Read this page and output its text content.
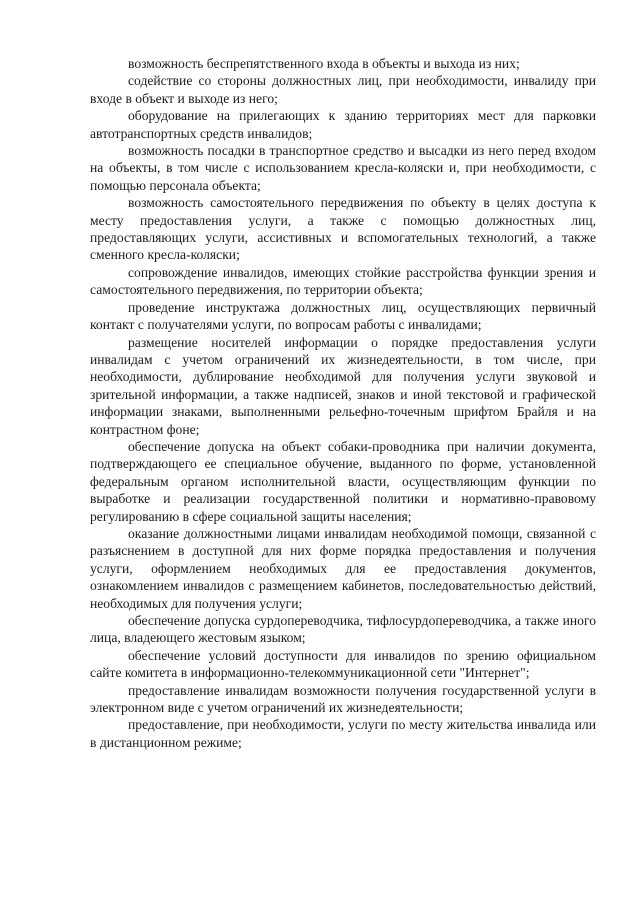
возможность беспрепятственного входа в объекты и выхода из них;

содействие со стороны должностных лиц, при необходимости, инвалиду при входе в объект и выходе из него;

оборудование на прилегающих к зданию территориях мест для парковки автотранспортных средств инвалидов;

возможность посадки в транспортное средство и высадки из него перед входом на объекты, в том числе с использованием кресла-коляски и, при необходимости, с помощью персонала объекта;

возможность самостоятельного передвижения по объекту в целях доступа к месту предоставления услуги, а также с помощью должностных лиц, предоставляющих услуги, ассистивных и вспомогательных технологий, а также сменного кресла-коляски;

сопровождение инвалидов, имеющих стойкие расстройства функции зрения и самостоятельного передвижения, по территории объекта;

проведение инструктажа должностных лиц, осуществляющих первичный контакт с получателями услуги, по вопросам работы с инвалидами;

размещение носителей информации о порядке предоставления услуги инвалидам с учетом ограничений их жизнедеятельности, в том числе, при необходимости, дублирование необходимой для получения услуги звуковой и зрительной информации, а также надписей, знаков и иной текстовой и графической информации знаками, выполненными рельефно-точечным шрифтом Брайля и на контрастном фоне;

обеспечение допуска на объект собаки-проводника при наличии документа, подтверждающего ее специальное обучение, выданного по форме, установленной федеральным органом исполнительной власти, осуществляющим функции по выработке и реализации государственной политики и нормативно-правовому регулированию в сфере социальной защиты населения;

оказание должностными лицами инвалидам необходимой помощи, связанной с разъяснением в доступной для них форме порядка предоставления и получения услуги, оформлением необходимых для ее предоставления документов, ознакомлением инвалидов с размещением кабинетов, последовательностью действий, необходимых для получения услуги;

обеспечение допуска сурдопереводчика, тифлосурдопереводчика, а также иного лица, владеющего жестовым языком;

обеспечение условий доступности для инвалидов по зрению официальном сайте комитета в информационно-телекоммуникационной сети "Интернет";

предоставление инвалидам возможности получения государственной услуги в электронном виде с учетом ограничений их жизнедеятельности;

предоставление, при необходимости, услуги по месту жительства инвалида или в дистанционном режиме;
